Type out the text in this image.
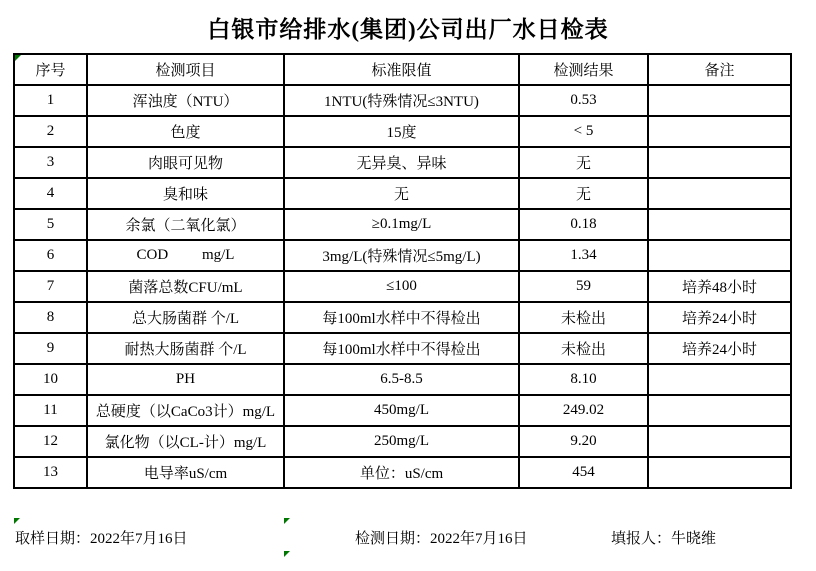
白银市给排水(集团)公司出厂水日检表
序号	检测项目	标准限值	检测结果	备注
1	浑浊度（NTU）	1NTU(特殊情况≤3NTU)	0.53	
2	色度	15度	< 5	
3	肉眼可见物	无异臭、异味	无	
4	臭和味	无	无	
5	余氯（二氧化氯）	≥0.1mg/L	0.18	
6	COD         mg/L	3mg/L(特殊情况≤5mg/L)	1.34	
7	菌落总数CFU/mL	≤100	59	培养48小时
8	总大肠菌群 个/L	每100ml水样中不得检出	未检出	培养24小时
9	耐热大肠菌群 个/L	每100ml水样中不得检出	未检出	培养24小时
10	PH	6.5-8.5	8.10	
11	总硬度（以CaCo3计）mg/L	450mg/L	249.02	
12	氯化物（以CL-计）mg/L	250mg/L	9.20	
13	电导率uS/cm	单位：uS/cm	454	
取样日期：2022年7月16日	检测日期：2022年7月16日	填报人：牛晓维
